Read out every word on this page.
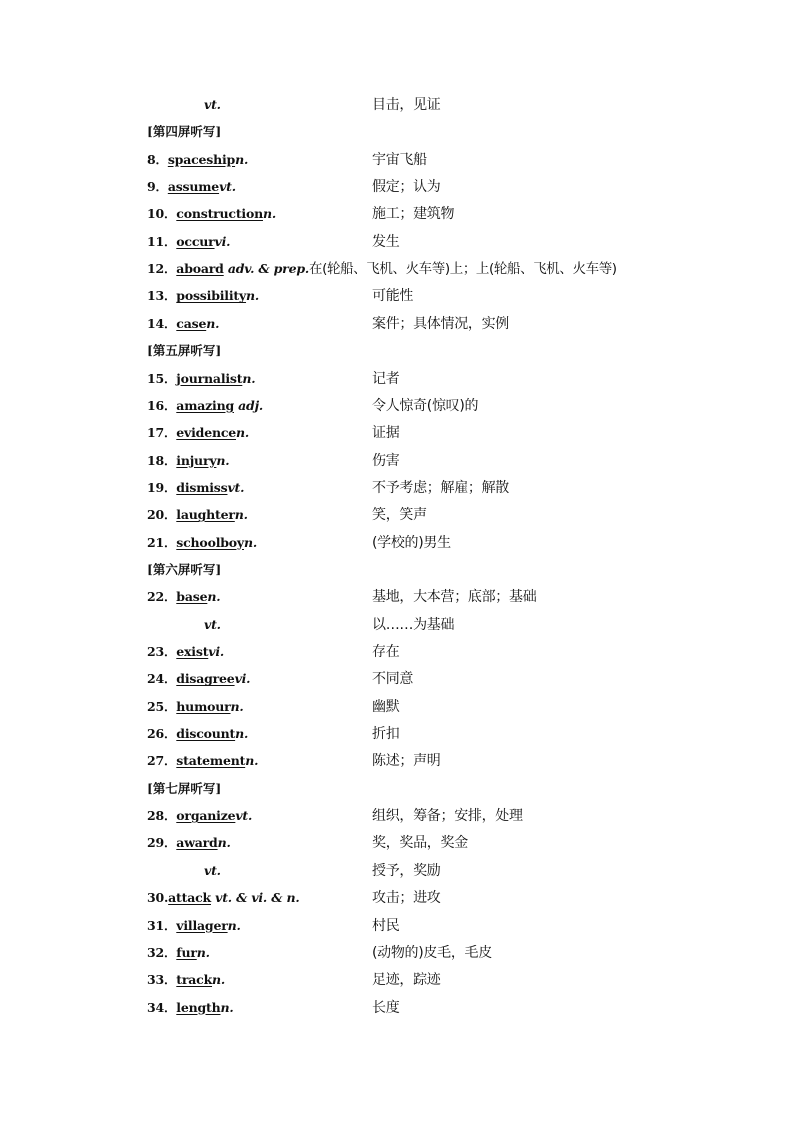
vt.	目击，见证
[第四屏听写]
8．spaceshipn.	宇宙飞船
9．assumevt.	假定；认为
10．constructionn.	施工；建筑物
11．occurvi.	发生
12．aboard adv. & prep. 在(轮船、飞机、火车等)上；上(轮船、飞机、火车等)
13．possibilityn.	可能性
14．casen.	案件；具体情况，实例
[第五屏听写]
15．journalistn.	记者
16．amazing adj.	令人惊奇(惊叹)的
17．evidencen.	证据
18．injuryn.	伤害
19．dismissvt.	不予考虑；解雇；解散
20．laughtern.	笑，笑声
21．schoolboyn.	(学校的)男生
[第六屏听写]
22．basen.	基地，大本营；底部；基础
vt.	以……为基础
23．existvi.	存在
24．disagreevi.	不同意
25．humourn.	幽默
26．discountn.	折扣
27．statementn.	陈述；声明
[第七屏听写]
28．organizevt.	组织，筹备；安排，处理
29．awardn.	奖，奖品，奖金
vt.	授予，奖励
30.attack vt. & vi. & n.	攻击；进攻
31．villagern.	村民
32．furn.	(动物的)皮毛，毛皮
33．trackn.	足迹，踪迹
34．lengthn.	长度
